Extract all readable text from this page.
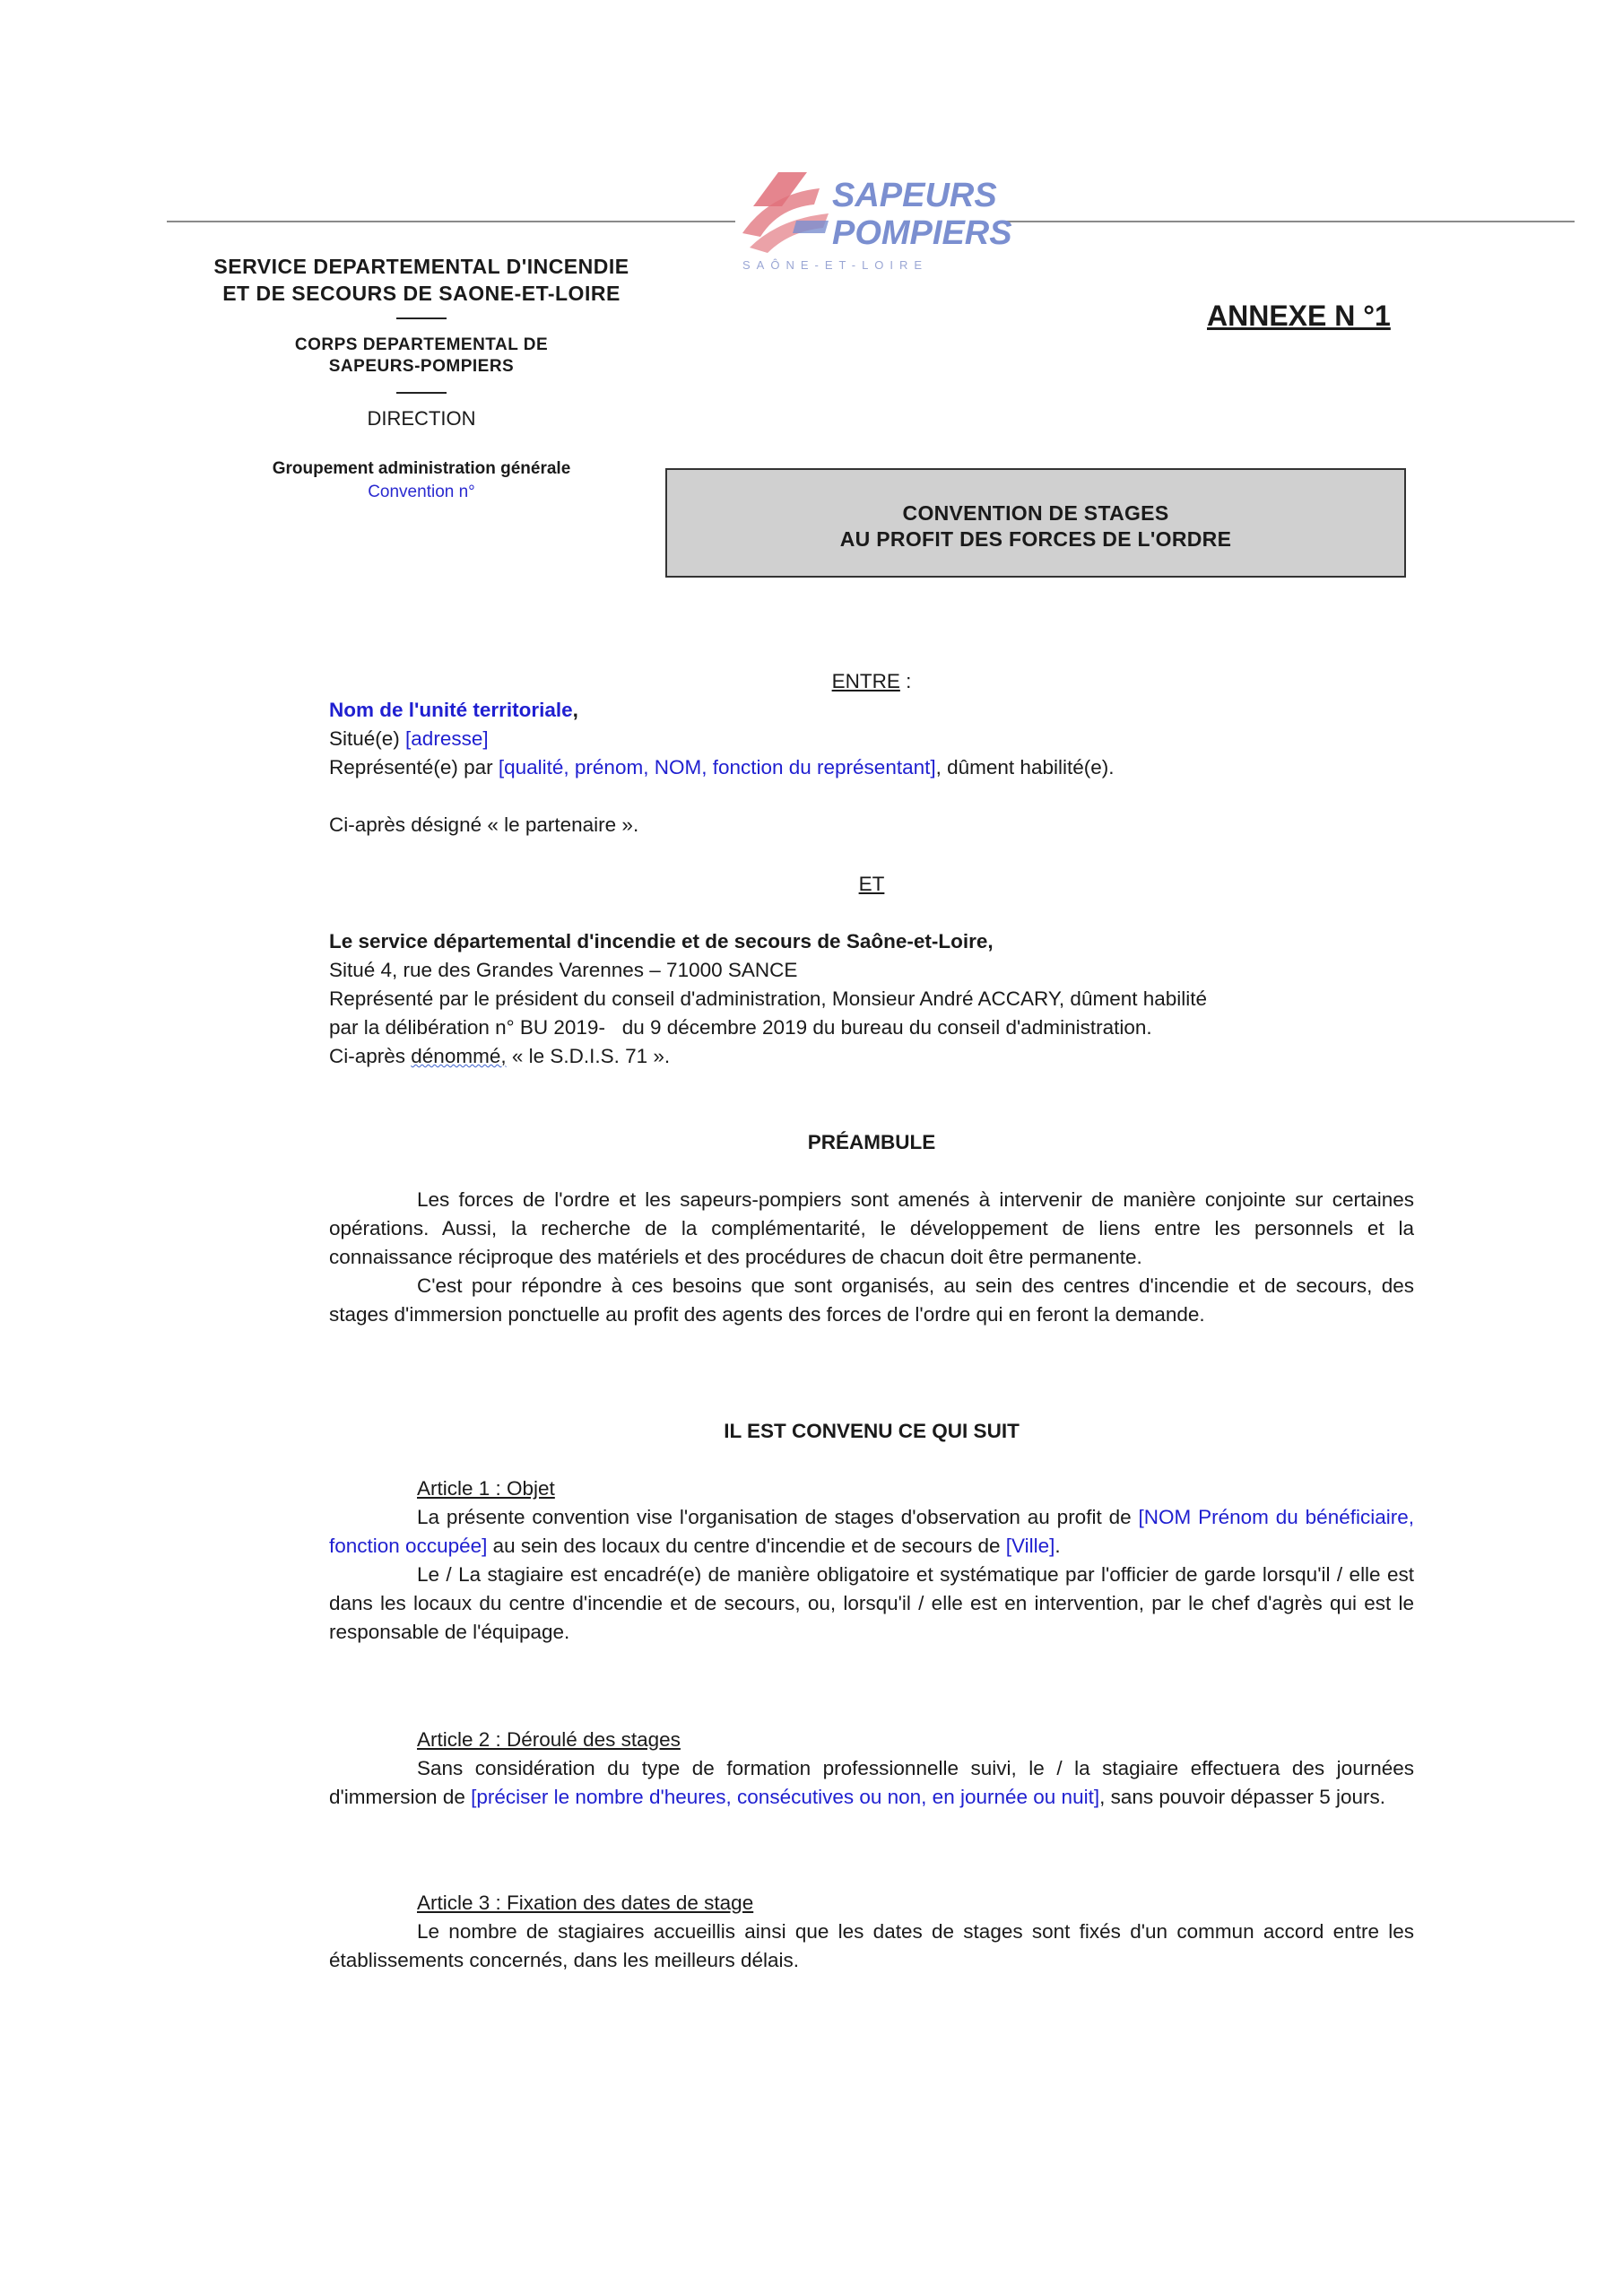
SAPEURS
POMPIERS
SAÔNE-ET-LOIRE
SERVICE DEPARTEMENTAL D'INCENDIE
ET DE SECOURS DE SAONE-ET-LOIRE
CORPS DEPARTEMENTAL DE
SAPEURS-POMPIERS
DIRECTION
Groupement administration générale
Convention n°
ANNEXE N °1
CONVENTION DE STAGES
AU PROFIT DES FORCES DE L'ORDRE
ENTRE :

Nom de l'unité territoriale,

Situé(e) [adresse]

Représenté(e) par [qualité, prénom, NOM, fonction du représentant], dûment habilité(e).

Ci-après désigné « le partenaire ».

ET

Le service départemental d'incendie et de secours de Saône-et-Loire,

Situé 4, rue des Grandes Varennes – 71000 SANCE

Représenté par le président du conseil d'administration, Monsieur André ACCARY, dûment habilité

par la délibération n° BU 2019-   du 9 décembre 2019 du bureau du conseil d'administration.

Ci-après dénommé, « le S.D.I.S. 71 ».

PRÉAMBULE

Les forces de l'ordre et les sapeurs-pompiers sont amenés à intervenir de manière conjointe sur certaines opérations. Aussi, la recherche de la complémentarité, le développement de liens entre les personnels et la connaissance réciproque des matériels et des procédures de chacun doit être permanente.

C'est pour répondre à ces besoins que sont organisés, au sein des centres d'incendie et de secours, des stages d'immersion ponctuelle au profit des agents des forces de l'ordre qui en feront la demande.

IL EST CONVENU CE QUI SUIT

Article 1 : Objet

La présente convention vise l'organisation de stages d'observation au profit de [NOM Prénom du bénéficiaire, fonction occupée] au sein des locaux du centre d'incendie et de secours de [Ville].

Le / La stagiaire est encadré(e) de manière obligatoire et systématique par l'officier de garde lorsqu'il / elle est dans les locaux du centre d'incendie et de secours, ou, lorsqu'il / elle est en intervention, par le chef d'agrès qui est le responsable de l'équipage.

Article 2 : Déroulé des stages

Sans considération du type de formation professionnelle suivi, le / la stagiaire effectuera des journées d'immersion de [préciser le nombre d'heures, consécutives ou non, en journée ou nuit], sans pouvoir dépasser 5 jours.

Article 3 : Fixation des dates de stage

Le nombre de stagiaires accueillis ainsi que les dates de stages sont fixés d'un commun accord entre les établissements concernés, dans les meilleurs délais.
